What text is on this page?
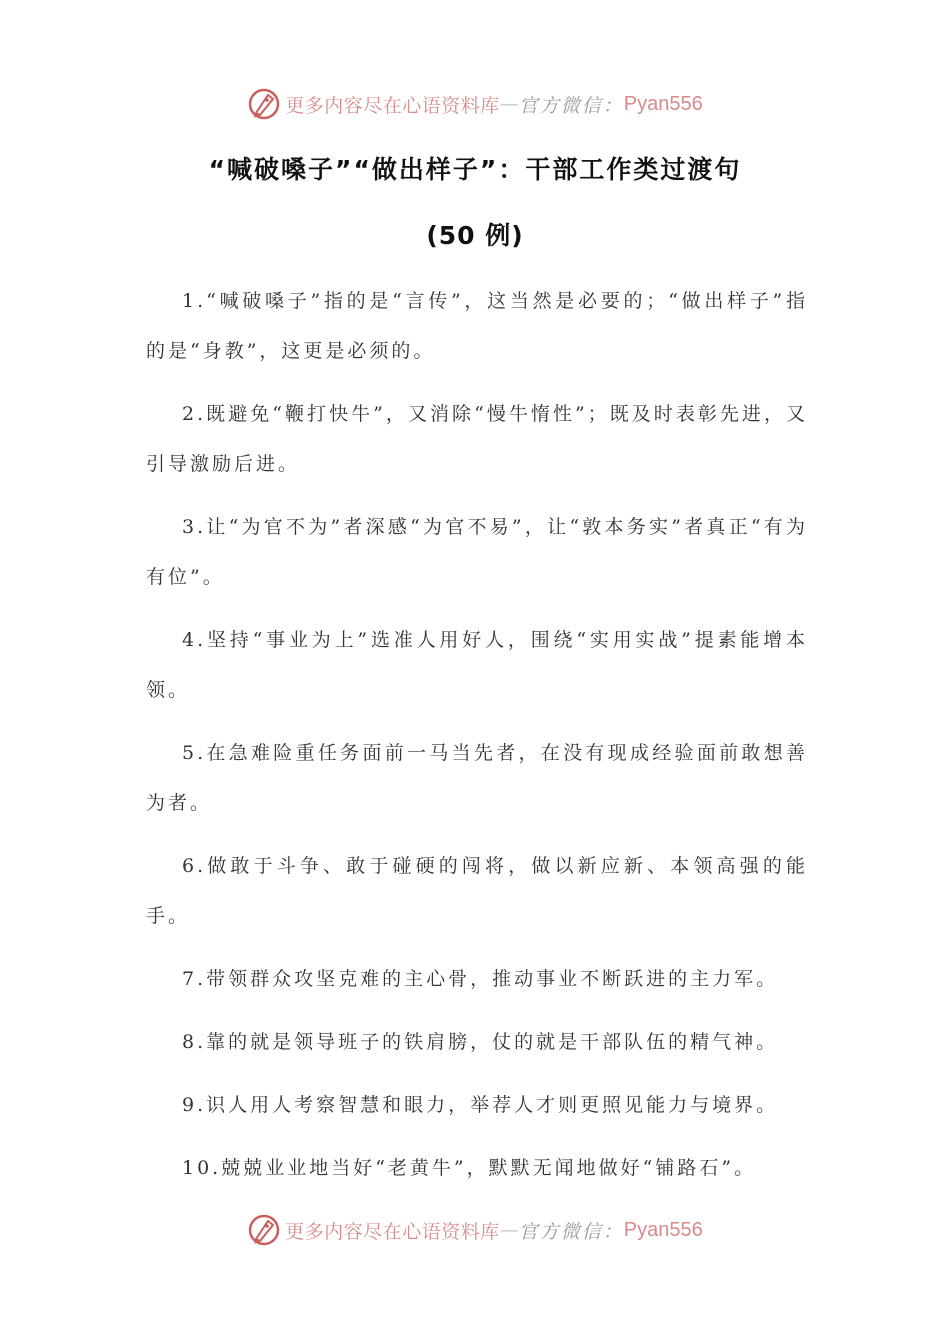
更多内容尽在心语资料库 — 官方微信： Pyan556
“喊破嗓子”“做出样子”：干部工作类过渡句
(50 例)

1.“喊破嗓子”指的是“言传”，这当然是必要的；“做出样子”指的是“身教”，这更是必须的。

2.既避免“鞭打快牛”，又消除“慢牛惰性”；既及时表彰先进，又引导激励后进。

3.让“为官不为”者深感“为官不易”，让“敦本务实”者真正“有为有位”。

4.坚持“事业为上”选准人用好人，围绕“实用实战”提素能增本领。

5.在急难险重任务面前一马当先者，在没有现成经验面前敢想善为者。

6.做敢于斗争、敢于碰硬的闯将，做以新应新、本领高强的能手。

7.带领群众攻坚克难的主心骨，推动事业不断跃进的主力军。

8.靠的就是领导班子的铁肩膀，仗的就是干部队伍的精气神。

9.识人用人考察智慧和眼力，举荐人才则更照见能力与境界。

10.兢兢业业地当好“老黄牛”，默默无闻地做好“铺路石”。

更多内容尽在心语资料库 — 官方微信： Pyan556
